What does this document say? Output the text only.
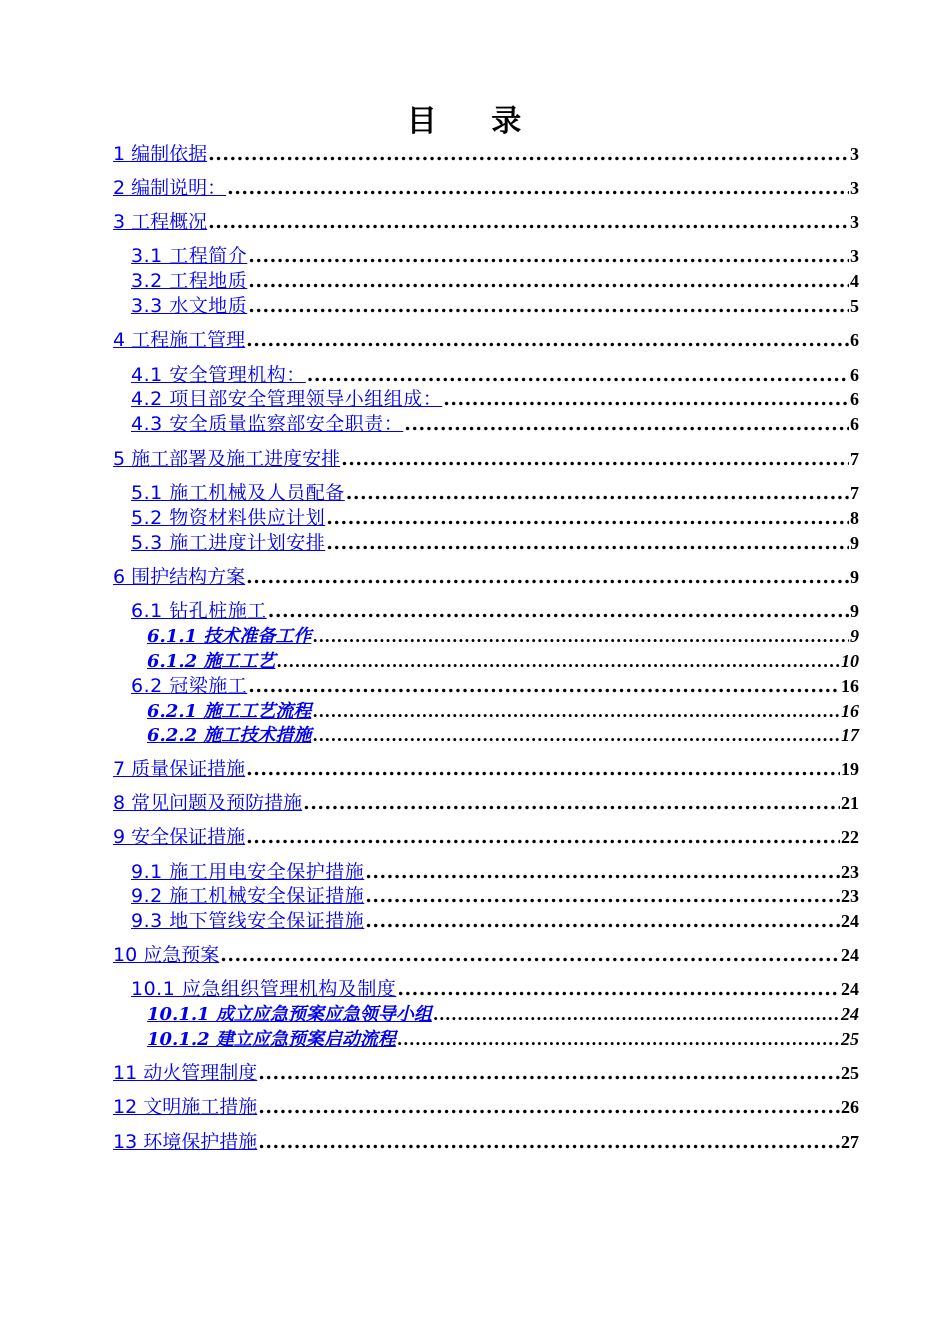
目 录
1 编制依据 .....	3
2 编制说明： .....	3
3 工程概况 .....	3
3.1 工程简介 .....	3
3.2 工程地质 .....	4
3.3 水文地质 .....	5
4 工程施工管理 .....	6
4.1 安全管理机构： .....	6
4.2 项目部安全管理领导小组组成： .....	6
4.3 安全质量监察部安全职责： .....	6
5 施工部署及施工进度安排 .....	7
5.1 施工机械及人员配备 .....	7
5.2 物资材料供应计划 .....	8
5.3 施工进度计划安排 .....	9
6 围护结构方案 .....	9
6.1 钻孔桩施工 .....	9
6.1.1 技术准备工作 .....	9
6.1.2 施工工艺 .....	10
6.2 冠梁施工 .....	16
6.2.1 施工工艺流程 .....	16
6.2.2 施工技术措施 .....	17
7 质量保证措施 .....	19
8 常见问题及预防措施 .....	21
9 安全保证措施 .....	22
9.1 施工用电安全保护措施 .....	23
9.2 施工机械安全保证措施 .....	23
9.3 地下管线安全保证措施 .....	24
10 应急预案 .....	24
10.1 应急组织管理机构及制度 .....	24
10.1.1 成立应急预案应急领导小组 .....	24
10.1.2 建立应急预案启动流程 .....	25
11 动火管理制度 .....	25
12 文明施工措施 .....	26
13 环境保护措施 .....	27
